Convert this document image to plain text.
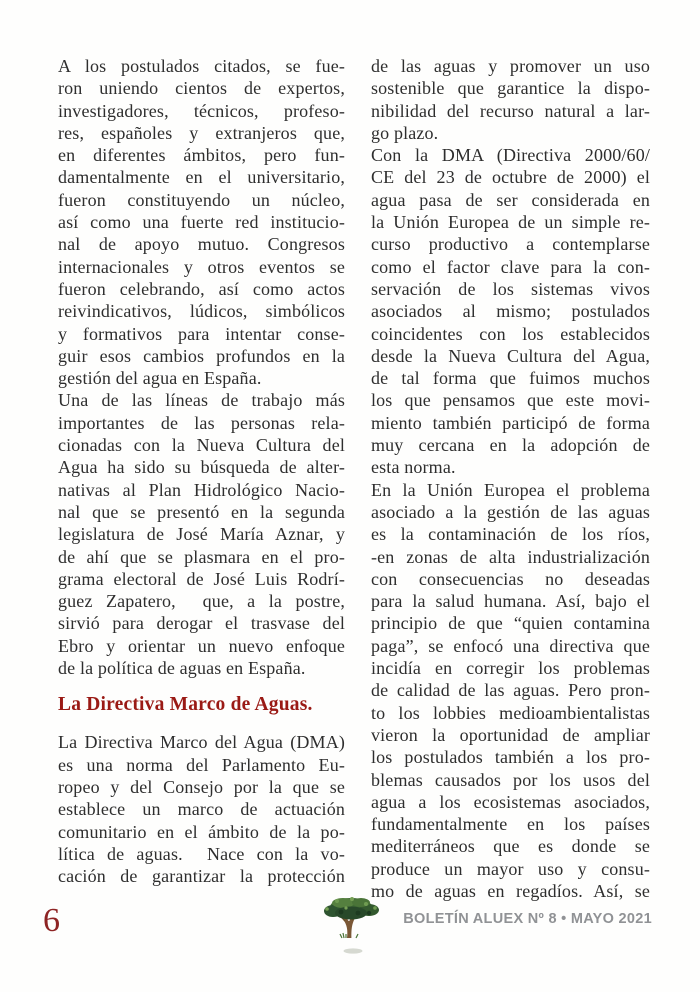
A los postulados citados, se fue-
ron uniendo cientos de expertos,
investigadores, técnicos, profeso-
res, españoles y extranjeros que,
en diferentes ámbitos, pero fun-
damentalmente en el universitario,
fueron constituyendo un núcleo,
así como una fuerte red institucio-
nal de apoyo mutuo. Congresos
internacionales y otros eventos se
fueron celebrando, así como actos
reivindicativos, lúdicos, simbólicos
y formativos para intentar conse-
guir esos cambios profundos en la
gestión del agua en España.
Una de las líneas de trabajo más
importantes de las personas rela-
cionadas con la Nueva Cultura del
Agua ha sido su búsqueda de alter-
nativas al Plan Hidrológico Nacio-
nal que se presentó en la segunda
legislatura de José María Aznar, y
de ahí que se plasmara en el pro-
grama electoral de José Luis Rodrí-
guez Zapatero,  que, a la postre,
sirvió para derogar el trasvase del
Ebro y orientar un nuevo enfoque
de la política de aguas en España.
La Directiva Marco de Aguas.
La Directiva Marco del Agua (DMA)
es una norma del Parlamento Eu-
ropeo y del Consejo por la que se
establece un marco de actuación
comunitario en el ámbito de la po-
lítica de aguas.  Nace con la vo-
cación de garantizar la protección
de las aguas y promover un uso
sostenible que garantice la dispo-
nibilidad del recurso natural a lar-
go plazo.
Con la DMA (Directiva 2000/60/
CE del 23 de octubre de 2000) el
agua pasa de ser considerada en
la Unión Europea de un simple re-
curso productivo a contemplarse
como el factor clave para la con-
servación de los sistemas vivos
asociados al mismo; postulados
coincidentes con los establecidos
desde la Nueva Cultura del Agua,
de tal forma que fuimos muchos
los que pensamos que este movi-
miento también participó de forma
muy cercana en la adopción de
esta norma.
En la Unión Europea el problema
asociado a la gestión de las aguas
es la contaminación de los ríos,
-en zonas de alta industrialización
con consecuencias no deseadas
para la salud humana. Así, bajo el
principio de que “quien contamina
paga”, se enfocó una directiva que
incidía en corregir los problemas
de calidad de las aguas. Pero pron-
to los lobbies medioambientalistas
vieron la oportunidad de ampliar
los postulados también a los pro-
blemas causados por los usos del
agua a los ecosistemas asociados,
fundamentalmente en los países
mediterráneos que es donde se
produce un mayor uso y consu-
mo de aguas en regadíos. Así, se
6	BOLETÍN ALUEX Nº 8 • MAYO 2021
